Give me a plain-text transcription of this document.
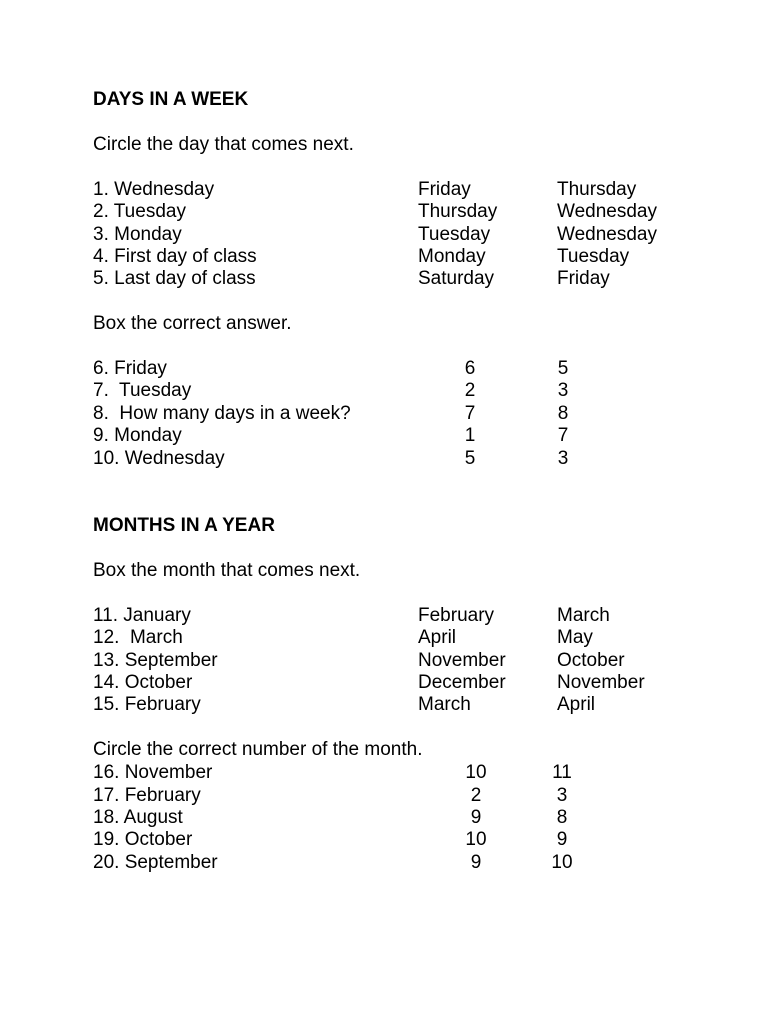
DAYS IN A WEEK
Circle the day that comes next.
1. Wednesday	Friday	Thursday
2. Tuesday	Thursday	Wednesday
3. Monday	Tuesday	Wednesday
4. First day of class	Monday	Tuesday
5. Last day of class	Saturday	Friday
Box the correct answer.
6. Friday	6	5
7.  Tuesday	2	3
8.  How many days in a week?	7	8
9. Monday	1	7
10. Wednesday	5	3
MONTHS IN A YEAR
Box the month that comes next.
11. January	February	March
12.  March	April	May
13. September	November	October
14. October	December	November
15. February	March	April
Circle the correct number of the month.
16. November	10	11
17. February	2	3
18. August	9	8
19. October	10	9
20. September	9	10
